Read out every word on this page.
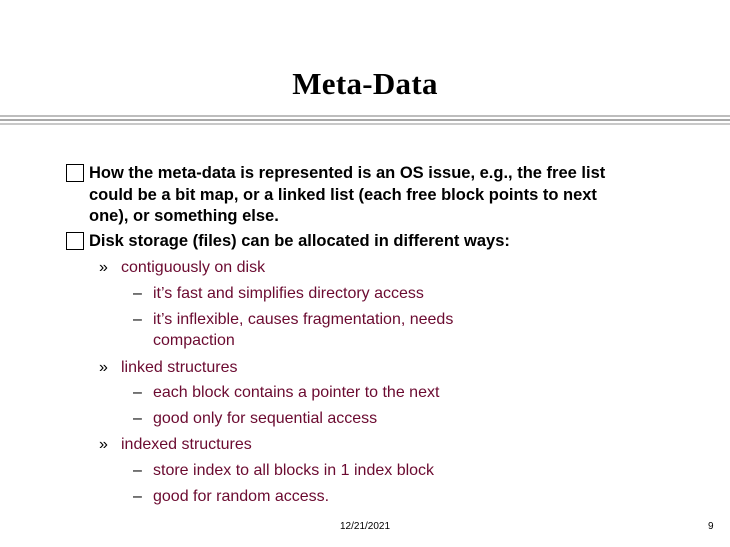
Meta-Data
How the meta-data is represented is an OS issue, e.g., the free list
could be a bit map, or a linked list (each free block points to next
one), or something else.
Disk storage (files) can be allocated in different ways:
» contiguously on disk
– it’s fast and simplifies directory access
– it’s inflexible, causes fragmentation, needs
compaction
» linked structures
– each block contains a pointer to the next
– good only for sequential access
» indexed structures
– store index to all blocks in 1 index block
– good for random access.
12/21/2021	9
